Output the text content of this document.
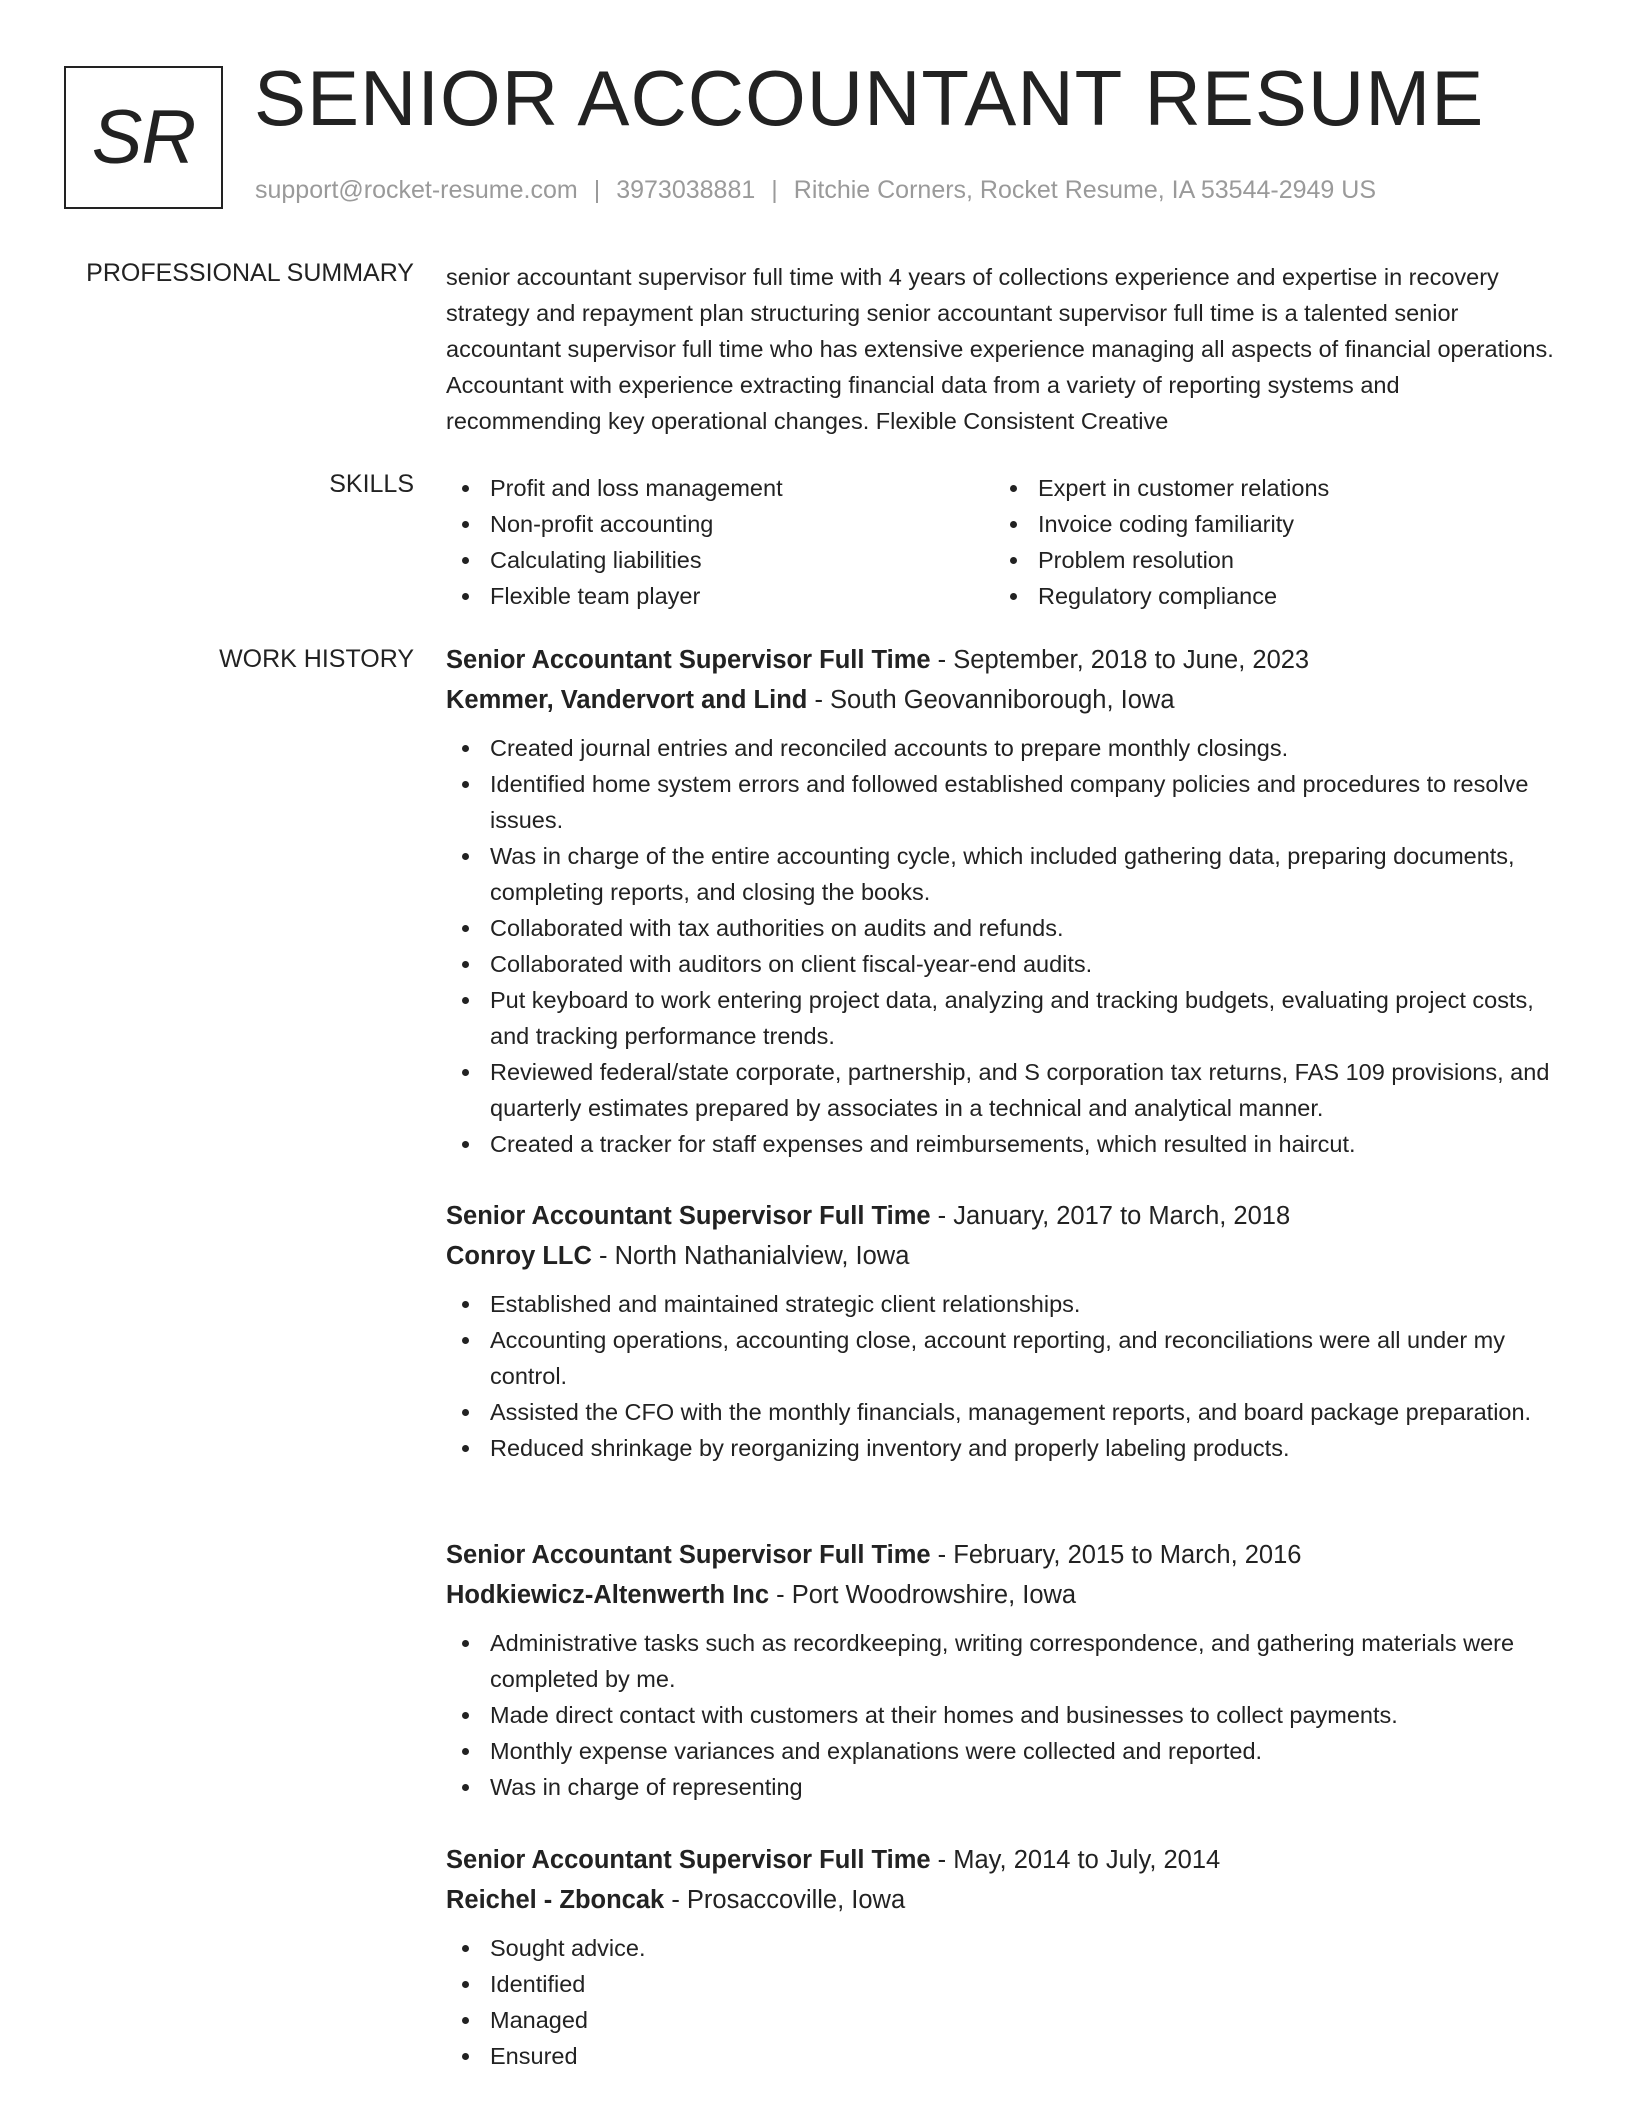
SR SENIOR ACCOUNTANT RESUME
support@rocket-resume.com | 3973038881 | Ritchie Corners, Rocket Resume, IA 53544-2949 US
PROFESSIONAL SUMMARY senior accountant supervisor full time with 4 years of collections experience and expertise in recovery strategy and repayment plan structuring senior accountant supervisor full time is a talented senior accountant supervisor full time who has extensive experience managing all aspects of financial operations. Accountant with experience extracting financial data from a variety of reporting systems and recommending key operational changes. Flexible Consistent Creative

SKILLS	Profit and loss management
Non-profit accounting
Calculating liabilities
Flexible team player
Expert in customer relations
Invoice coding familiarity
Problem resolution
Regulatory compliance
WORK HISTORY Senior Accountant Supervisor Full Time - September, 2018 to June, 2023
Kemmer, Vandervort and Lind - South Geovanniborough, Iowa
Created journal entries and reconciled accounts to prepare monthly closings.
Identified home system errors and followed established company policies and procedures to resolve issues.
Was in charge of the entire accounting cycle, which included gathering data, preparing documents, completing reports, and closing the books.
Collaborated with tax authorities on audits and refunds.
Collaborated with auditors on client fiscal-year-end audits.
Put keyboard to work entering project data, analyzing and tracking budgets, evaluating project costs, and tracking performance trends.
Reviewed federal/state corporate, partnership, and S corporation tax returns, FAS 109 provisions, and quarterly estimates prepared by associates in a technical and analytical manner.
Created a tracker for staff expenses and reimbursements, which resulted in haircut.
Senior Accountant Supervisor Full Time - January, 2017 to March, 2018
Conroy LLC - North Nathanialview, Iowa
Established and maintained strategic client relationships.
Accounting operations, accounting close, account reporting, and reconciliations were all under my control.
Assisted the CFO with the monthly financials, management reports, and board package preparation.
Reduced shrinkage by reorganizing inventory and properly labeling products.
Senior Accountant Supervisor Full Time - February, 2015 to March, 2016
Hodkiewicz-Altenwerth Inc - Port Woodrowshire, Iowa
Administrative tasks such as recordkeeping, writing correspondence, and gathering materials were completed by me.
Made direct contact with customers at their homes and businesses to collect payments.
Monthly expense variances and explanations were collected and reported.
Was in charge of representing
Senior Accountant Supervisor Full Time - May, 2014 to July, 2014
Reichel - Zboncak - Prosaccoville, Iowa
Sought advice.
Identified
Managed
Ensured
